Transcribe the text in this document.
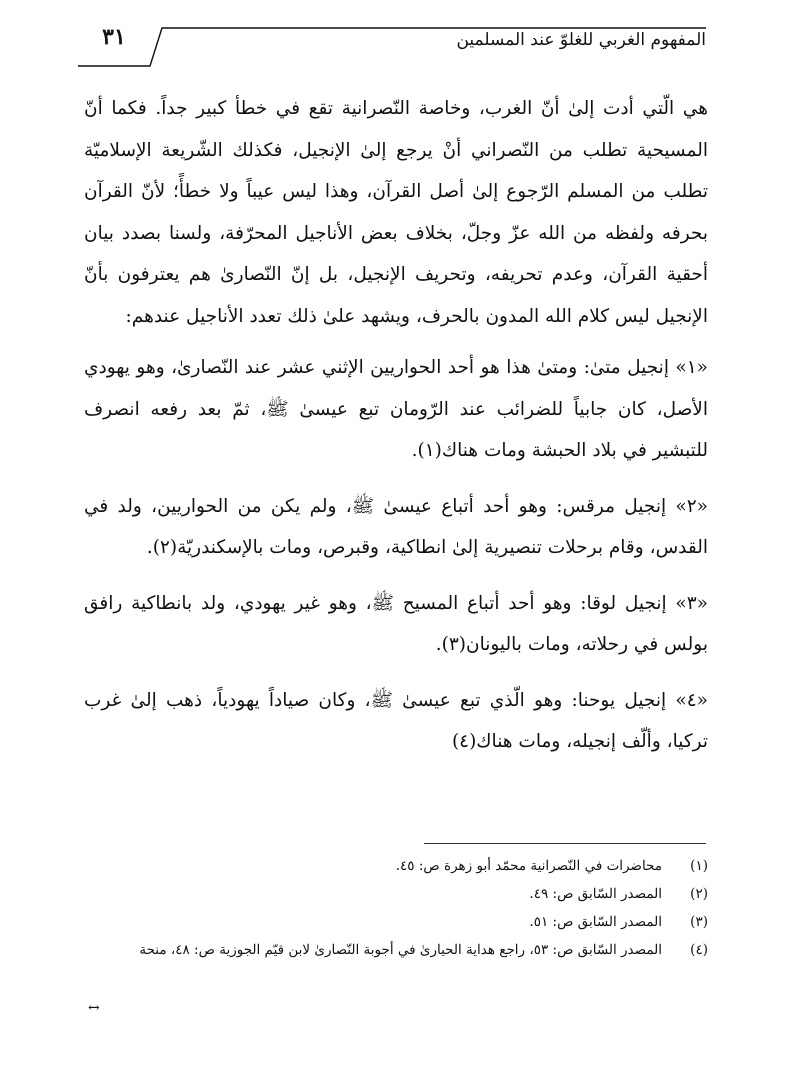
٣١	المفهوم الغربي للغلوّ عند المسلمين

هي الّتي أدت إلىٰ أنّ الغرب، وخاصة النّصرانية تقع في خطأ كبير جداً. فكما أنّ المسيحية تطلب من النّصراني أنْ يرجع إلىٰ الإنجيل، فكذلك الشّريعة الإسلاميّة تطلب من المسلم الرّجوع إلىٰ أصل القرآن، وهذا ليس عيباً ولا خطأً؛ لأنّ القرآن بحرفه ولفظه من الله عزّ وجلّ، بخلاف بعض الأناجيل المحرّفة، ولسنا بصدد بيان أحقية القرآن، وعدم تحريفه، وتحريف الإنجيل، بل إنّ النّصارىٰ هم يعترفون بأنّ الإنجيل ليس كلام الله المدون بالحرف، ويشهد علىٰ ذلك تعدد الأناجيل عندهم:

«١» إنجيل متىٰ: ومتىٰ هذا هو أحد الحواريين الإثني عشر عند النّصارىٰ، وهو يهودي الأصل، كان جابياً للضرائب عند الرّومان تبع عيسىٰ ﷺ، ثمّ بعد رفعه انصرف للتبشير في بلاد الحبشة ومات هناك(١).

«٢» إنجيل مرقس: وهو أحد أتباع عيسىٰ ﷺ، ولم يكن من الحواريين، ولد في القدس، وقام برحلات تنصيرية إلىٰ انطاكية، وقبرص، ومات بالإسكندريّة(٢).

«٣» إنجيل لوقا: وهو أحد أتباع المسيح ﷺ، وهو غير يهودي، ولد بانطاكية رافق بولس في رحلاته، ومات باليونان(٣).

«٤» إنجيل يوحنا: وهو الّذي تبع عيسىٰ ﷺ، وكان صياداً يهودياً، ذهب إلىٰ غرب تركيا، وألّف إنجيله، ومات هناك(٤)

(١)
محاضرات في النّصرانية محمّد أبو زهرة ص: ٤٥.
(٢)
المصدر السّابق ص: ٤٩.
(٣)
المصدر السّابق ص: ٥١.
(٤)
المصدر السّابق ص: ٥٣، راجع هداية الحيارىٰ في أجوبة النّصارىٰ لابن قيّم الجوزية ص: ٤٨، منحة
↔
